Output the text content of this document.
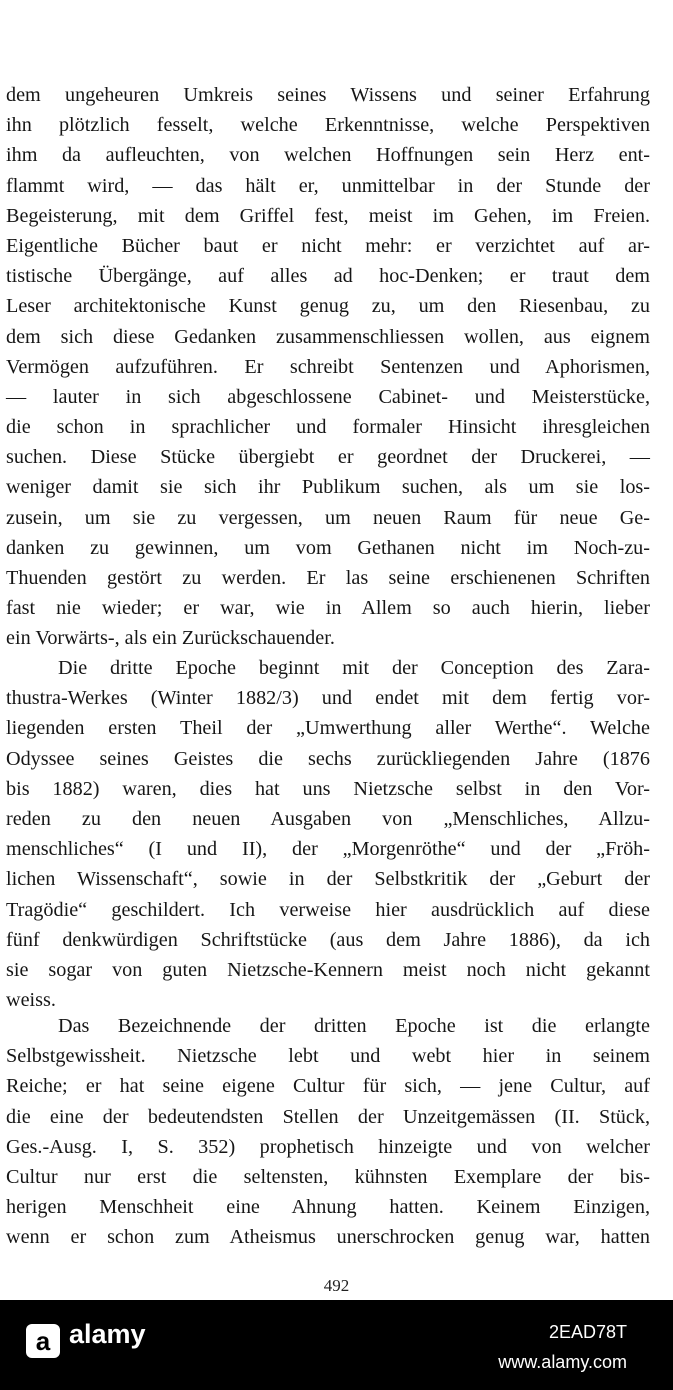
dem ungeheuren Umkreis seines Wissens und seiner Erfahrung
ihn plötzlich fesselt, welche Erkenntnisse, welche Perspektiven
ihm da aufleuchten, von welchen Hoffnungen sein Herz ent-
flammt wird, — das hält er, unmittelbar in der Stunde der
Begeisterung, mit dem Griffel fest, meist im Gehen, im Freien.
Eigentliche Bücher baut er nicht mehr: er verzichtet auf ar-
tistische Übergänge, auf alles ad hoc-Denken; er traut dem
Leser architektonische Kunst genug zu, um den Riesenbau, zu
dem sich diese Gedanken zusammenschliessen wollen, aus eignem
Vermögen aufzuführen. Er schreibt Sentenzen und Aphorismen,
— lauter in sich abgeschlossene Cabinet- und Meisterstücke,
die schon in sprachlicher und formaler Hinsicht ihresgleichen
suchen. Diese Stücke übergiebt er geordnet der Druckerei, —
weniger damit sie sich ihr Publikum suchen, als um sie los-
zusein, um sie zu vergessen, um neuen Raum für neue Ge-
danken zu gewinnen, um vom Gethanen nicht im Noch-zu-
Thuenden gestört zu werden. Er las seine erschienenen Schriften
fast nie wieder; er war, wie in Allem so auch hierin, lieber
ein Vorwärts-, als ein Zurückschauender.
Die dritte Epoche beginnt mit der Conception des Zara-
thustra-Werkes (Winter 1882/3) und endet mit dem fertig vor-
liegenden ersten Theil der „Umwerthung aller Werthe“. Welche
Odyssee seines Geistes die sechs zurückliegenden Jahre (1876
bis 1882) waren, dies hat uns Nietzsche selbst in den Vor-
reden zu den neuen Ausgaben von „Menschliches, Allzu-
menschliches“ (I und II), der „Morgenröthe“ und der „Fröh-
lichen Wissenschaft“, sowie in der Selbstkritik der „Geburt der
Tragödie“ geschildert. Ich verweise hier ausdrücklich auf diese
fünf denkwürdigen Schriftstücke (aus dem Jahre 1886), da ich
sie sogar von guten Nietzsche-Kennern meist noch nicht gekannt
weiss.
Das Bezeichnende der dritten Epoche ist die erlangte
Selbstgewissheit. Nietzsche lebt und webt hier in seinem
Reiche; er hat seine eigene Cultur für sich, — jene Cultur, auf
die eine der bedeutendsten Stellen der Unzeitgemässen (II. Stück,
Ges.-Ausg. I, S. 352) prophetisch hinzeigte und von welcher
Cultur nur erst die seltensten, kühnsten Exemplare der bis-
herigen Menschheit eine Ahnung hatten. Keinem Einzigen,
wenn er schon zum Atheismus unerschrocken genug war, hatten
492
a alamy	2EAD78T
www.alamy.com
